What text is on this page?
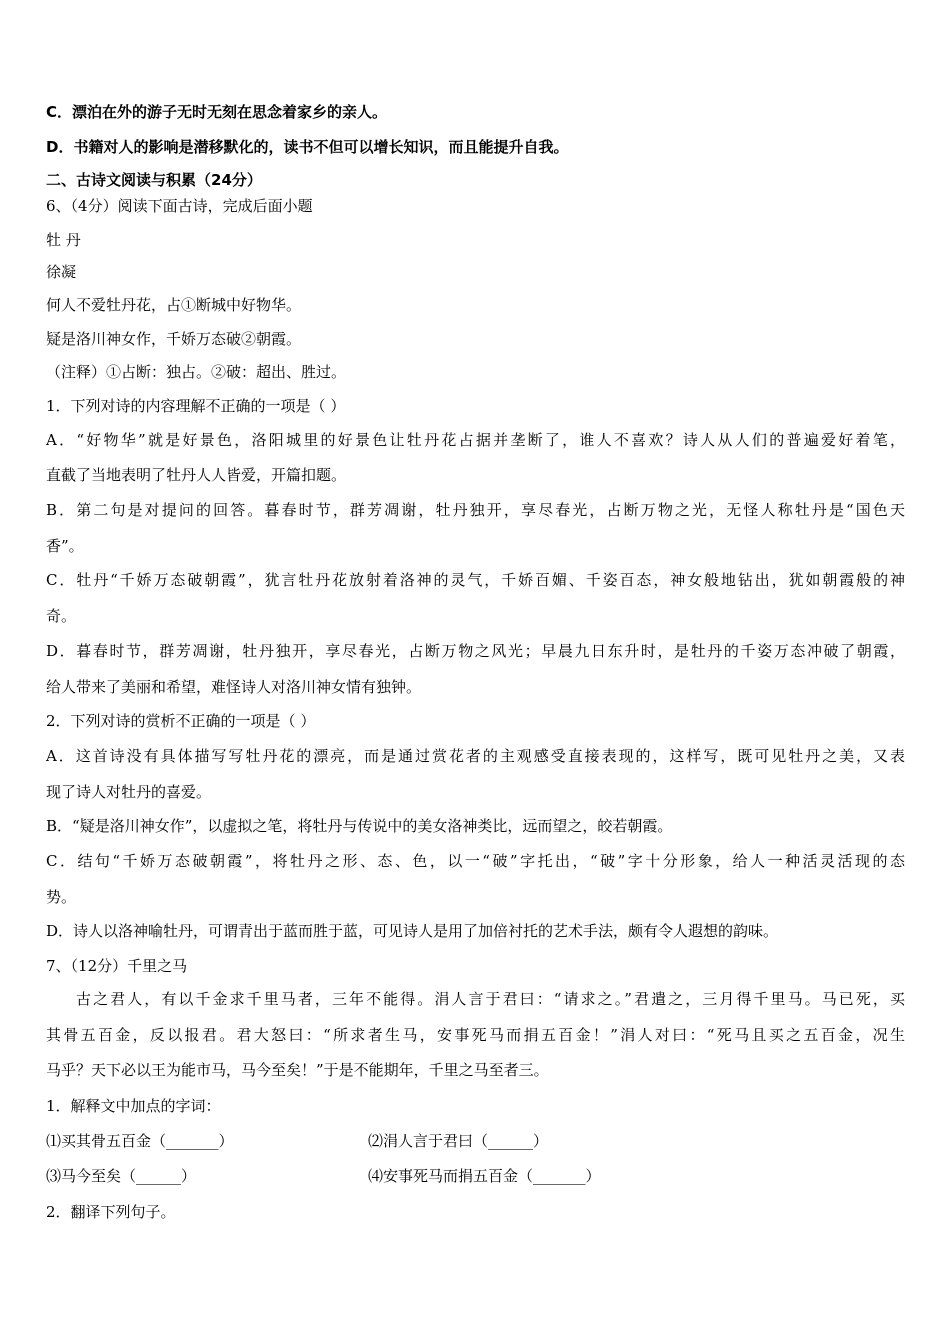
C．漂泊在外的游子无时无刻在思念着家乡的亲人。
D．书籍对人的影响是潜移默化的，读书不但可以增长知识，而且能提升自我。
二、古诗文阅读与积累（24分）
6、（4分）阅读下面古诗，完成后面小题
牡 丹
徐凝
何人不爱牡丹花，占①断城中好物华。
疑是洛川神女作，千娇万态破②朝霞。
（注释）①占断：独占。②破：超出、胜过。
1．下列对诗的内容理解不正确的一项是（ ）
A．“好物华”就是好景色，洛阳城里的好景色让牡丹花占据并垄断了，谁人不喜欢？诗人从人们的普遍爱好着笔，
直截了当地表明了牡丹人人皆爱，开篇扣题。
B．第二句是对提问的回答。暮春时节，群芳凋谢，牡丹独开，享尽春光，占断万物之光，无怪人称牡丹是“国色天
香”。
C．牡丹“千娇万态破朝霞”，犹言牡丹花放射着洛神的灵气，千娇百媚、千姿百态，神女般地钻出，犹如朝霞般的神
奇。
D．暮春时节，群芳凋谢，牡丹独开，享尽春光，占断万物之风光；早晨九日东升时，是牡丹的千姿万态冲破了朝霞，
给人带来了美丽和希望，难怪诗人对洛川神女情有独钟。
2．下列对诗的赏析不正确的一项是（ ）
A．这首诗没有具体描写写牡丹花的漂亮，而是通过赏花者的主观感受直接表现的，这样写，既可见牡丹之美，又表
现了诗人对牡丹的喜爱。
B．“疑是洛川神女作”，以虚拟之笔，将牡丹与传说中的美女洛神类比，远而望之，皎若朝霞。
C．结句“千娇万态破朝霞”，将牡丹之形、态、色，以一“破”字托出，“破”字十分形象，给人一种活灵活现的态
势。
D．诗人以洛神喻牡丹，可谓青出于蓝而胜于蓝，可见诗人是用了加倍衬托的艺术手法，颇有令人遐想的韵味。
7、（12分）千里之马
古之君人，有以千金求千里马者，三年不能得。涓人言于君曰：“请求之。”君遣之，三月得千里马。马已死，买
其骨五百金，反以报君。君大怒曰：“所求者生马，安事死马而捐五百金！”涓人对曰：“死马且买之五百金，况生
马乎？天下必以王为能市马，马今至矣！”于是不能期年，千里之马至者三。
1．解释文中加点的字词：
⑴买其骨五百金（_______）	⑵涓人言于君曰（______）
⑶马今至矣（______）	⑷安事死马而捐五百金（_______）
2．翻译下列句子。
